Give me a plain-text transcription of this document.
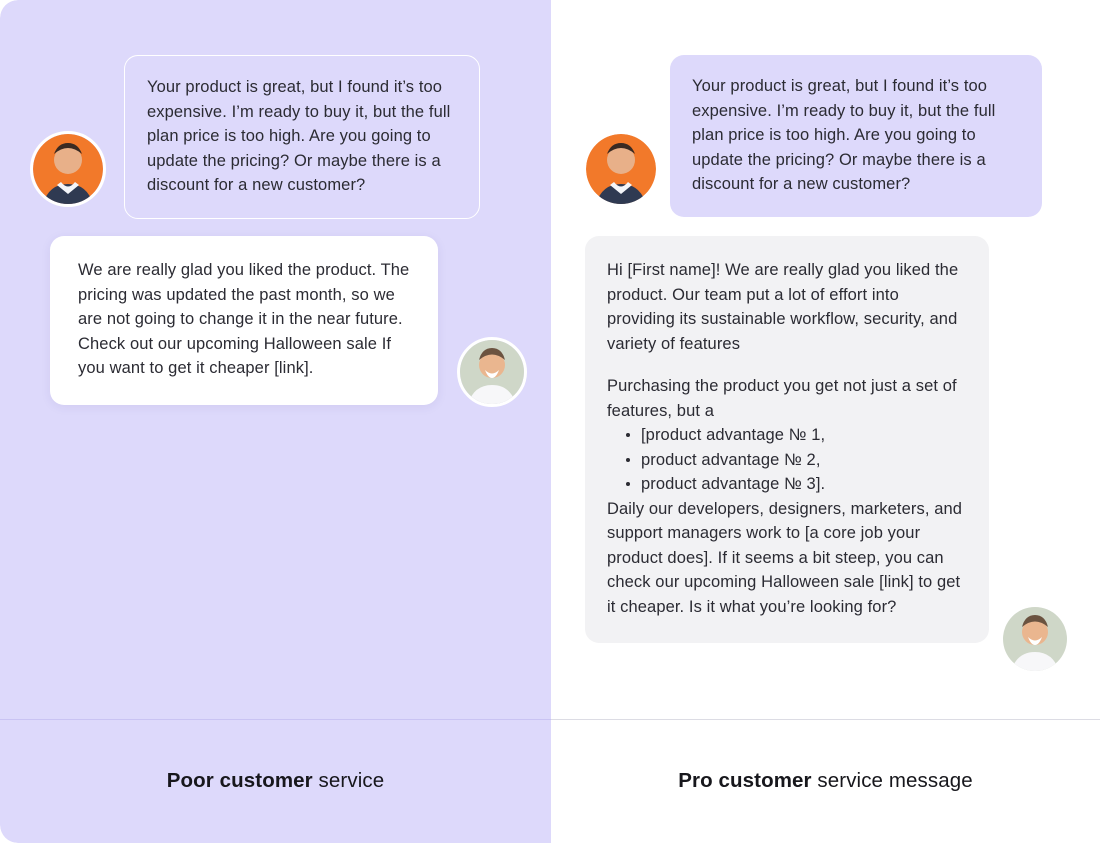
Your product is great, but I found it’s too expensive. I’m ready to buy it, but the full plan price is too high. Are you going to update the pricing? Or maybe there is a discount for a new customer?

We are really glad you liked the product. The pricing was updated the past month, so we are not going to change it in the near future. Check out our upcoming Halloween sale If you want to get it cheaper [link].

Your product is great, but I found it’s too expensive. I’m ready to buy it, but the full plan price is too high. Are you going to update the pricing? Or maybe there is a discount for a new customer?

Hi [First name]! We are really glad you liked the product. Our team put a lot of effort into providing its sustainable workflow, security, and variety of features

Purchasing the product you get not just a set of features, but a

[product advantage № 1,
product advantage № 2,
product advantage № 3].

Daily our developers, designers, marketers, and support managers work to [a core job your product does]. If it seems a bit steep, you can check our upcoming Halloween sale [link] to get it cheaper. Is it what you’re looking for?

Poor customer service	Pro customer service message
